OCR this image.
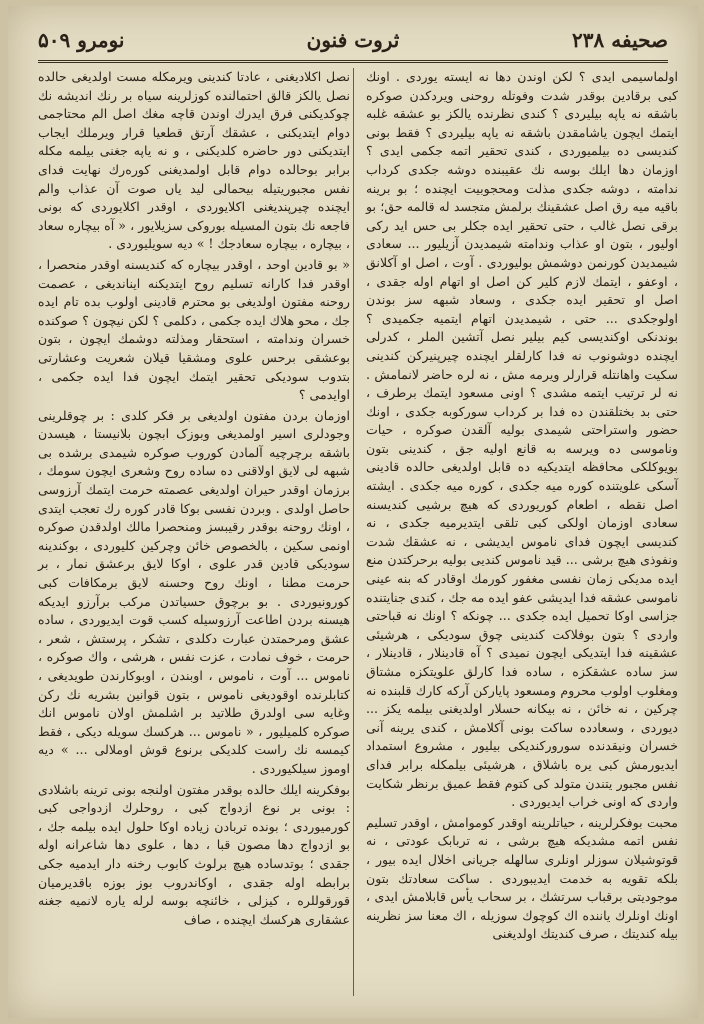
صحیفه ۲۳۸
ثروت فنون
نومرو ۵۰۹

اولماسیمی ایدی ؟ لکن اوندن دها نه ایسته یوردی . اونك کبی برقادین بوقدر شدت وفوتله روحنی ویردکدن صوکره باشقه نه یاپه بیلیردی ؟ کندی نظرنده یالکز بو عشقه غلبه ایتمك ایچون یاشامقدن باشقه نه یاپه بیلیردی ؟ فقط بونی کندیسی ده بیلمیوردی ، کندی تحقیر اتمه جکمی ایدی ؟ اوزمان دها ایلك بوسه نك عقیبنده دوشه جکدی کرداب ندامته ، دوشه جکدی مذلت ومحجوبیت ایچنده ؛ بو برینه باقیه میه رق اصل عشقینك برلمش متجسد له قالمه حق؛ بو برقی نصل غالب ، حتی تحقیر ایده جکلر بی حس اید رکی اولیور ، بتون او عذاب وندامته شیمدیدن آزیلیور ... سعادی شیمدیدن کورنمن دوشمش بولیوردی . آوت ، اصل او آکلانق ، اوعفو ، ایتمك لازم کلیر کن اصل او اتهام اوله جقدی ، اصل او تحقیر ایده جکدی ، وسعاد شبهه سز بوندن اولوجکدی ... حتی ، شیمدیدن اتهام ایتمیه جکمیدی ؟ بوندنکی اوکندیسی کیم بیلیر نصل آتشین الملر ، کدرلی ایچنده دوشونوب نه فدا کارلقلر ایچنده چیرپنیرکن کندینی سکیت واهانتله قرارلر ویرمه مش ، نه لره حاضر لانمامش . نه لر ترتیب ایتمه مشدی ؟ اونی مسعود ایتمك برطرف ، حتی بد بختلقندن ده فدا بر کرداب سورکوبه جکدی ، اونك حضور واستراحتی شیمدی بولیه آلقدن صوکره ، حیات وناموسی ده ویرسه به قانع اولیه جق ، کندینی بتون بویوکلکی محافظه ایتدیکیه ده قابل اولدیغی حالده قادینی آسکی علویتنده کوره میه جکدی ، کوره میه جکدی . ایشته اصل نقطه ، اطعام کوریوردی که هیچ برشیی کندیسنه سعادی اوزمان اولکی کبی تلقی ایتدیرمیه جکدی ، نه کندیسی ایچون فدای ناموس ایدیشی ، نه عشقك شدت ونفوذی هیچ برشی ... قید ناموس کندیی بولیه برحرکتدن منع ایده مدیکی زمان نفسی مغفور کورمك اوقادر که بنه عینی ناموسی عشقه فدا ایدیشی عفو ایده مه جك ، کندی جنایتنده جزاسی اوکا تحمیل ایده جکدی ... چونکه ؟ اونك نه قباحتی واردی ؟ بتون بوفلاکت کندینی چوق سودیکی ، هرشیئی عشقینه فدا ایتدیکی ایچون نمیدی ؟ آه قادینلار ، قادینلار ، سز ساده عشقکزه ، ساده فدا کارلق علویتکزه مشتاق ومغلوب اولوب محروم ومسعود پایارکن آرکه کارك قلبنده نه چرکین ، نه خائن ، نه بیکانه حسلار اولدیغنی بیلمه یکز ... دیوردی ، وسعادده ساکت بونی آکلامش ، کندی یرینه آنی خسران ونیقدنده سورورکندیکی بیلیور ، مشروع استمداد ایدیورمش کبی یره باشلاق ، هرشیئی بیلمکله برابر فدای نفس مجبور یتندن متولد کی کتوم فقط عمیق برنظر شکایت واردی که اونی خراب ایدیوردی .

محبت بوفکرلرینه ، حیاتلرینه اوقدر کوموامش ، اوقدر تسلیم نفس اتمه مشدیکه هیچ برشی ، نه تربابک عودتی ، نه قوتوشیلان سوزلر اونلری سالهله جریانی اخلال ایده بیور ، بلکه تقویه به خدمت ایدیبوردی . ساکت سعادتك بتون موجودیتی برقباب سرتشك ، بر سحاب یأس قابلامش ایدی ، اونك اونلرك یاننده اك کوچوك سوزیله ، اك معنا سز نظرینه بیله کندیتك ، صرف کندیتك اولدیغنی

نصل اکلادیغنی ، عادتا کندینی ویرمکله مست اولدیغی حالده نصل یالکز قالق احتمالنده کوزلرینه سیاه بر رنك اندیشه نك چوکدیکنی فرق ایدرك اوندن قاچه مغك اصل الم محتاجمی دوام ایتدیکنی ، عشقك آرتق قطعیا قرار ویرملك ایجاب ایتدیکنی دور حاضره کلدیکنی ، و نه یاپه جغنی بیلمه مکله برابر بوحالده دوام قابل اولمدیغنی کورەرك نهایت فدای نفس مجبوریتیله بیحمالی لید یاں صوت آن عذاب والم ایچنده چیرپندیغنی اکلایوردی ، اوقدر اکلایوردی که بونی فاجعه نك بتون المسیله بوروکی سزیلایور ، « آه بیچاره سعاد ، بیچاره ، بیچاره سعادجك ! » دیه سویلیوردی .

« بو قادین اوحد ، اوقدر بیچاره که کندیسنه اوقدر منحصرا ، اوقدر فدا کارانه تسلیم روح ایتدیکنه ایناندیغی ، عصمت روحنه مفتون اولدیغی بو محترم قادینی اولوب بده تام ایده جك ، محو هلاك ایده جکمی ، دکلمی ؟ لکن نیچون ؟ صوکنده خسران وندامته ، استحقار ومذلته دوشمك ایچون ، بتون بوعشقی برحس علوی ومشقیا قیلان شعریت وعشارتی بتدوب سودیکی تحقیر ایتمك ایچون فدا ایده جکمی ، اوایدمی ؟

اوزمان بردن مفتون اولدیغی بر فکر کلدی : بر چوقلرینی وجودلری اسیر اولمدیغی وبوزک ابچون بلانیستا ، هیسدن باشقه برچرچیه آلمادن کوروب صوکره شیمدی برشده بی شبهه لی لایق اولاقنی ده ساده روح وشعری ایچون سومك ، برزمان اوقدر حیران اولدیغی عصمته حرمت ایتمك آرزوسی حاصل اولدی . وبردن نفسی بوکا قادر کوره رك تعجب ایتدی ، اونك روحنه بوقدر رقیبسز ومنحصرا مالك اولدقدن صوکره اونمی سکین ، بالخصوص خائن وچرکین کلیوردی ، بوکندینه سودیکی قادین قدر علوی ، اوکا لایق برعشق نمار ، بر حرمت مطنا ، اونك روح وحسنه لایق برمکافات کبی کورونیوردی . بو برچوق حسیاتدن مرکب برآرزو ایدیکه هیسنه بردن اطاعت آرزوسیله کسب قوت ایدیوردی ، ساده عشق ومرحمتدن عبارت دکلدی ، تشکر ، پرستش ، شعر ، حرمت ، خوف نمادت ، عزت نفس ، هرشی ، واك صوکره ، ناموس ... آوت ، ناموس ، اوبندن ، اوبوکارندن طویدیغی ، کتابلرنده اوقودیغی ناموس ، بتون قوانین بشریه نك رکن وغایه سی اولدرق طلاتید بر اشلمش اولان ناموس انك صوکره کلمیلیور ، « ناموس ... هرکسك سویله دیکی ، فقط کیمسه نك راست کلدیکی برنوع قوش اوملالی ... » دیه اوموز سیلکیوردی .

بوفکرینه ایلك حالده بوقدر مفتون اولنجه بونی ترینه باشلادی : بونی بر نوع ازدواج کبی ، روحلرك ازدواجی کبی کورمیوردی ؛ بونده تربادن زیاده اوکا حلول ایده بیلمه جك ، بو ازدواج دها مصون قبا ، دها ، علوی دها شاعرانه اوله جقدی ؛ بوتدساده هیچ برلوث کابوب رخنه دار ایدمیه جکی برابطه اوله جقدی ، اوکاندروب بوز بوزه باقدیرمیان قورقوللره ، کیزلی ، خائنچه بوسه لرله یاره لانمیه جغنه عشقاری هرکسك ایچنده ، صاف
